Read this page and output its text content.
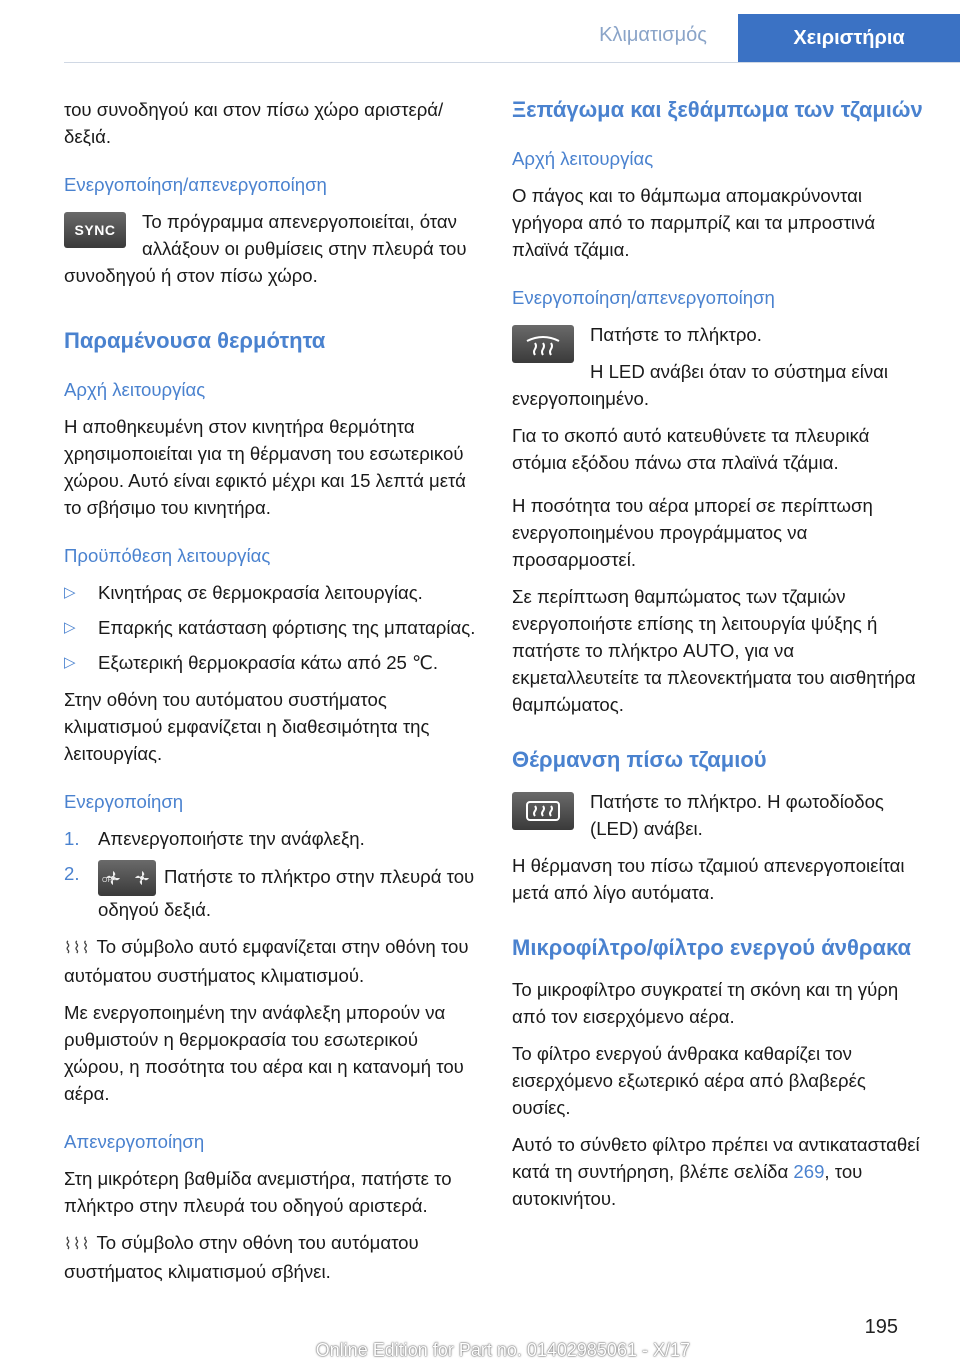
Κλιματισμός	Χειριστήρια

του συνοδηγού και στον πίσω χώρο αριστερά/δεξιά.

Ενεργοποίηση/απενεργοποίηση
SYNC	Το πρόγραμμα απενεργοποιείται, όταν αλλάξουν οι ρυθμίσεις στην πλευρά του συνοδηγού ή στον πίσω χώρο.

Παραμένουσα θερμότητα
Αρχή λειτουργίας

Η αποθηκευμένη στον κινητήρα θερμότητα χρησιμοποιείται για τη θέρμανση του εσωτερικού χώρου. Αυτό είναι εφικτό μέχρι και 15 λεπτά μετά το σβήσιμο του κινητήρα.

Προϋπόθεση λειτουργίας
▷ Κινητήρας σε θερμοκρασία λειτουργίας.
▷ Επαρκής κατάσταση φόρτισης της μπαταρίας.
▷ Εξωτερική θερμοκρασία κάτω από 25 ℃.

Στην οθόνη του αυτόματου συστήματος κλιματισμού εμφανίζεται η διαθεσιμότητα της λειτουργίας.

Ενεργοποίηση
1. Απενεργοποιήστε την ανάφλεξη.
2.	OFF	Πατήστε το πλήκτρο στην πλευρά του οδηγού δεξιά.

⌇⌇⌇ Το σύμβολο αυτό εμφανίζεται στην οθόνη του αυτόματου συστήματος κλιματισμού.

Με ενεργοποιημένη την ανάφλεξη μπορούν να ρυθμιστούν η θερμοκρασία του εσωτερικού χώρου, η ποσότητα του αέρα και η κατανομή του αέρα.

Απενεργοποίηση

Στη μικρότερη βαθμίδα ανεμιστήρα, πατήστε το πλήκτρο στην πλευρά του οδηγού αριστερά.

⌇⌇⌇ Το σύμβολο στην οθόνη του αυτόματου συστήματος κλιματισμού σβήνει.

Ξεπάγωμα και ξεθάμπωμα των τζαμιών
Αρχή λειτουργίας

Ο πάγος και το θάμπωμα απομακρύνονται γρήγορα από το παρμπρίζ και τα μπροστινά πλαϊνά τζάμια.

Ενεργοποίηση/απενεργοποίηση

Πατήστε το πλήκτρο.

Η LED ανάβει όταν το σύστημα είναι ενεργοποιημένο.

Για το σκοπό αυτό κατευθύνετε τα πλευρικά στόμια εξόδου πάνω στα πλαϊνά τζάμια.

Η ποσότητα του αέρα μπορεί σε περίπτωση ενεργοποιημένου προγράμματος να προσαρμοστεί.

Σε περίπτωση θαμπώματος των τζαμιών ενεργοποιήστε επίσης τη λειτουργία ψύξης ή πατήστε το πλήκτρο AUTO, για να εκμεταλλευτείτε τα πλεονεκτήματα του αισθητήρα θαμπώματος.

Θέρμανση πίσω τζαμιού

Πατήστε το πλήκτρο. Η φωτοδίοδος (LED) ανάβει.

Η θέρμανση του πίσω τζαμιού απενεργοποιείται μετά από λίγο αυτόματα.

Μικροφίλτρο/φίλτρο ενεργού άνθρακα

Το μικροφίλτρο συγκρατεί τη σκόνη και τη γύρη από τον εισερχόμενο αέρα.

Το φίλτρο ενεργού άνθρακα καθαρίζει τον εισερχόμενο εξωτερικό αέρα από βλαβερές ουσίες.

Αυτό το σύνθετο φίλτρο πρέπει να αντικατασταθεί κατά τη συντήρηση, βλέπε σελίδα 269, του αυτοκινήτου.

195
Online Edition for Part no. 01402985061 - X/17
